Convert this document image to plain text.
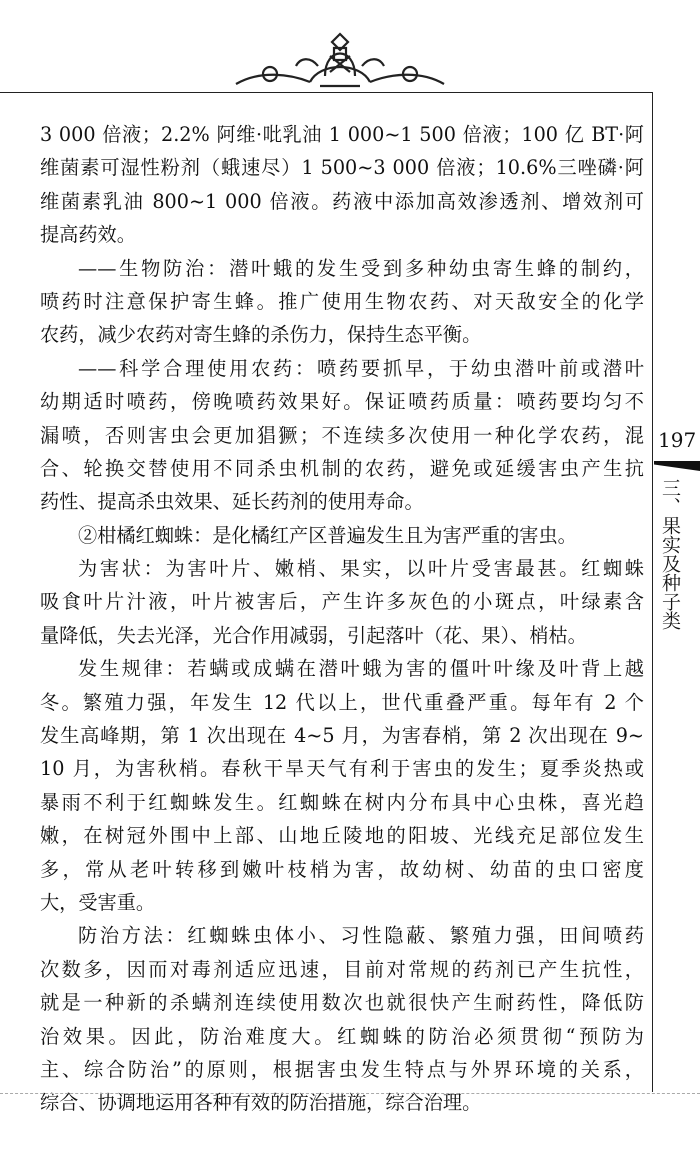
197
三、果实及种子类
3 000 倍液；2.2% 阿维·吡乳油 1 000~1 500 倍液；100 亿 BT·阿
维菌素可湿性粉剂（蛾速尽）1 500~3 000 倍液；10.6%三唑磷·阿
维菌素乳油 800~1 000 倍液。药液中添加高效渗透剂、增效剂可
提高药效。
——生物防治：潜叶蛾的发生受到多种幼虫寄生蜂的制约，
喷药时注意保护寄生蜂。推广使用生物农药、对天敌安全的化学
农药，减少农药对寄生蜂的杀伤力，保持生态平衡。
——科学合理使用农药：喷药要抓早，于幼虫潜叶前或潜叶
幼期适时喷药，傍晚喷药效果好。保证喷药质量：喷药要均匀不
漏喷，否则害虫会更加猖獗；不连续多次使用一种化学农药，混
合、轮换交替使用不同杀虫机制的农药，避免或延缓害虫产生抗
药性、提高杀虫效果、延长药剂的使用寿命。
②柑橘红蜘蛛：是化橘红产区普遍发生且为害严重的害虫。
为害状：为害叶片、嫩梢、果实，以叶片受害最甚。红蜘蛛
吸食叶片汁液，叶片被害后，产生许多灰色的小斑点，叶绿素含
量降低，失去光泽，光合作用减弱，引起落叶（花、果）、梢枯。
发生规律：若螨或成螨在潜叶蛾为害的僵叶叶缘及叶背上越
冬。繁殖力强，年发生 12 代以上，世代重叠严重。每年有 2 个
发生高峰期，第 1 次出现在 4~5 月，为害春梢，第 2 次出现在 9~
10 月，为害秋梢。春秋干旱天气有利于害虫的发生；夏季炎热或
暴雨不利于红蜘蛛发生。红蜘蛛在树内分布具中心虫株，喜光趋
嫩，在树冠外围中上部、山地丘陵地的阳坡、光线充足部位发生
多，常从老叶转移到嫩叶枝梢为害，故幼树、幼苗的虫口密度
大，受害重。
防治方法：红蜘蛛虫体小、习性隐蔽、繁殖力强，田间喷药
次数多，因而对毒剂适应迅速，目前对常规的药剂已产生抗性，
就是一种新的杀螨剂连续使用数次也就很快产生耐药性，降低防
治效果。因此，防治难度大。红蜘蛛的防治必须贯彻“预防为
主、综合防治”的原则，根据害虫发生特点与外界环境的关系，
综合、协调地运用各种有效的防治措施，综合治理。
